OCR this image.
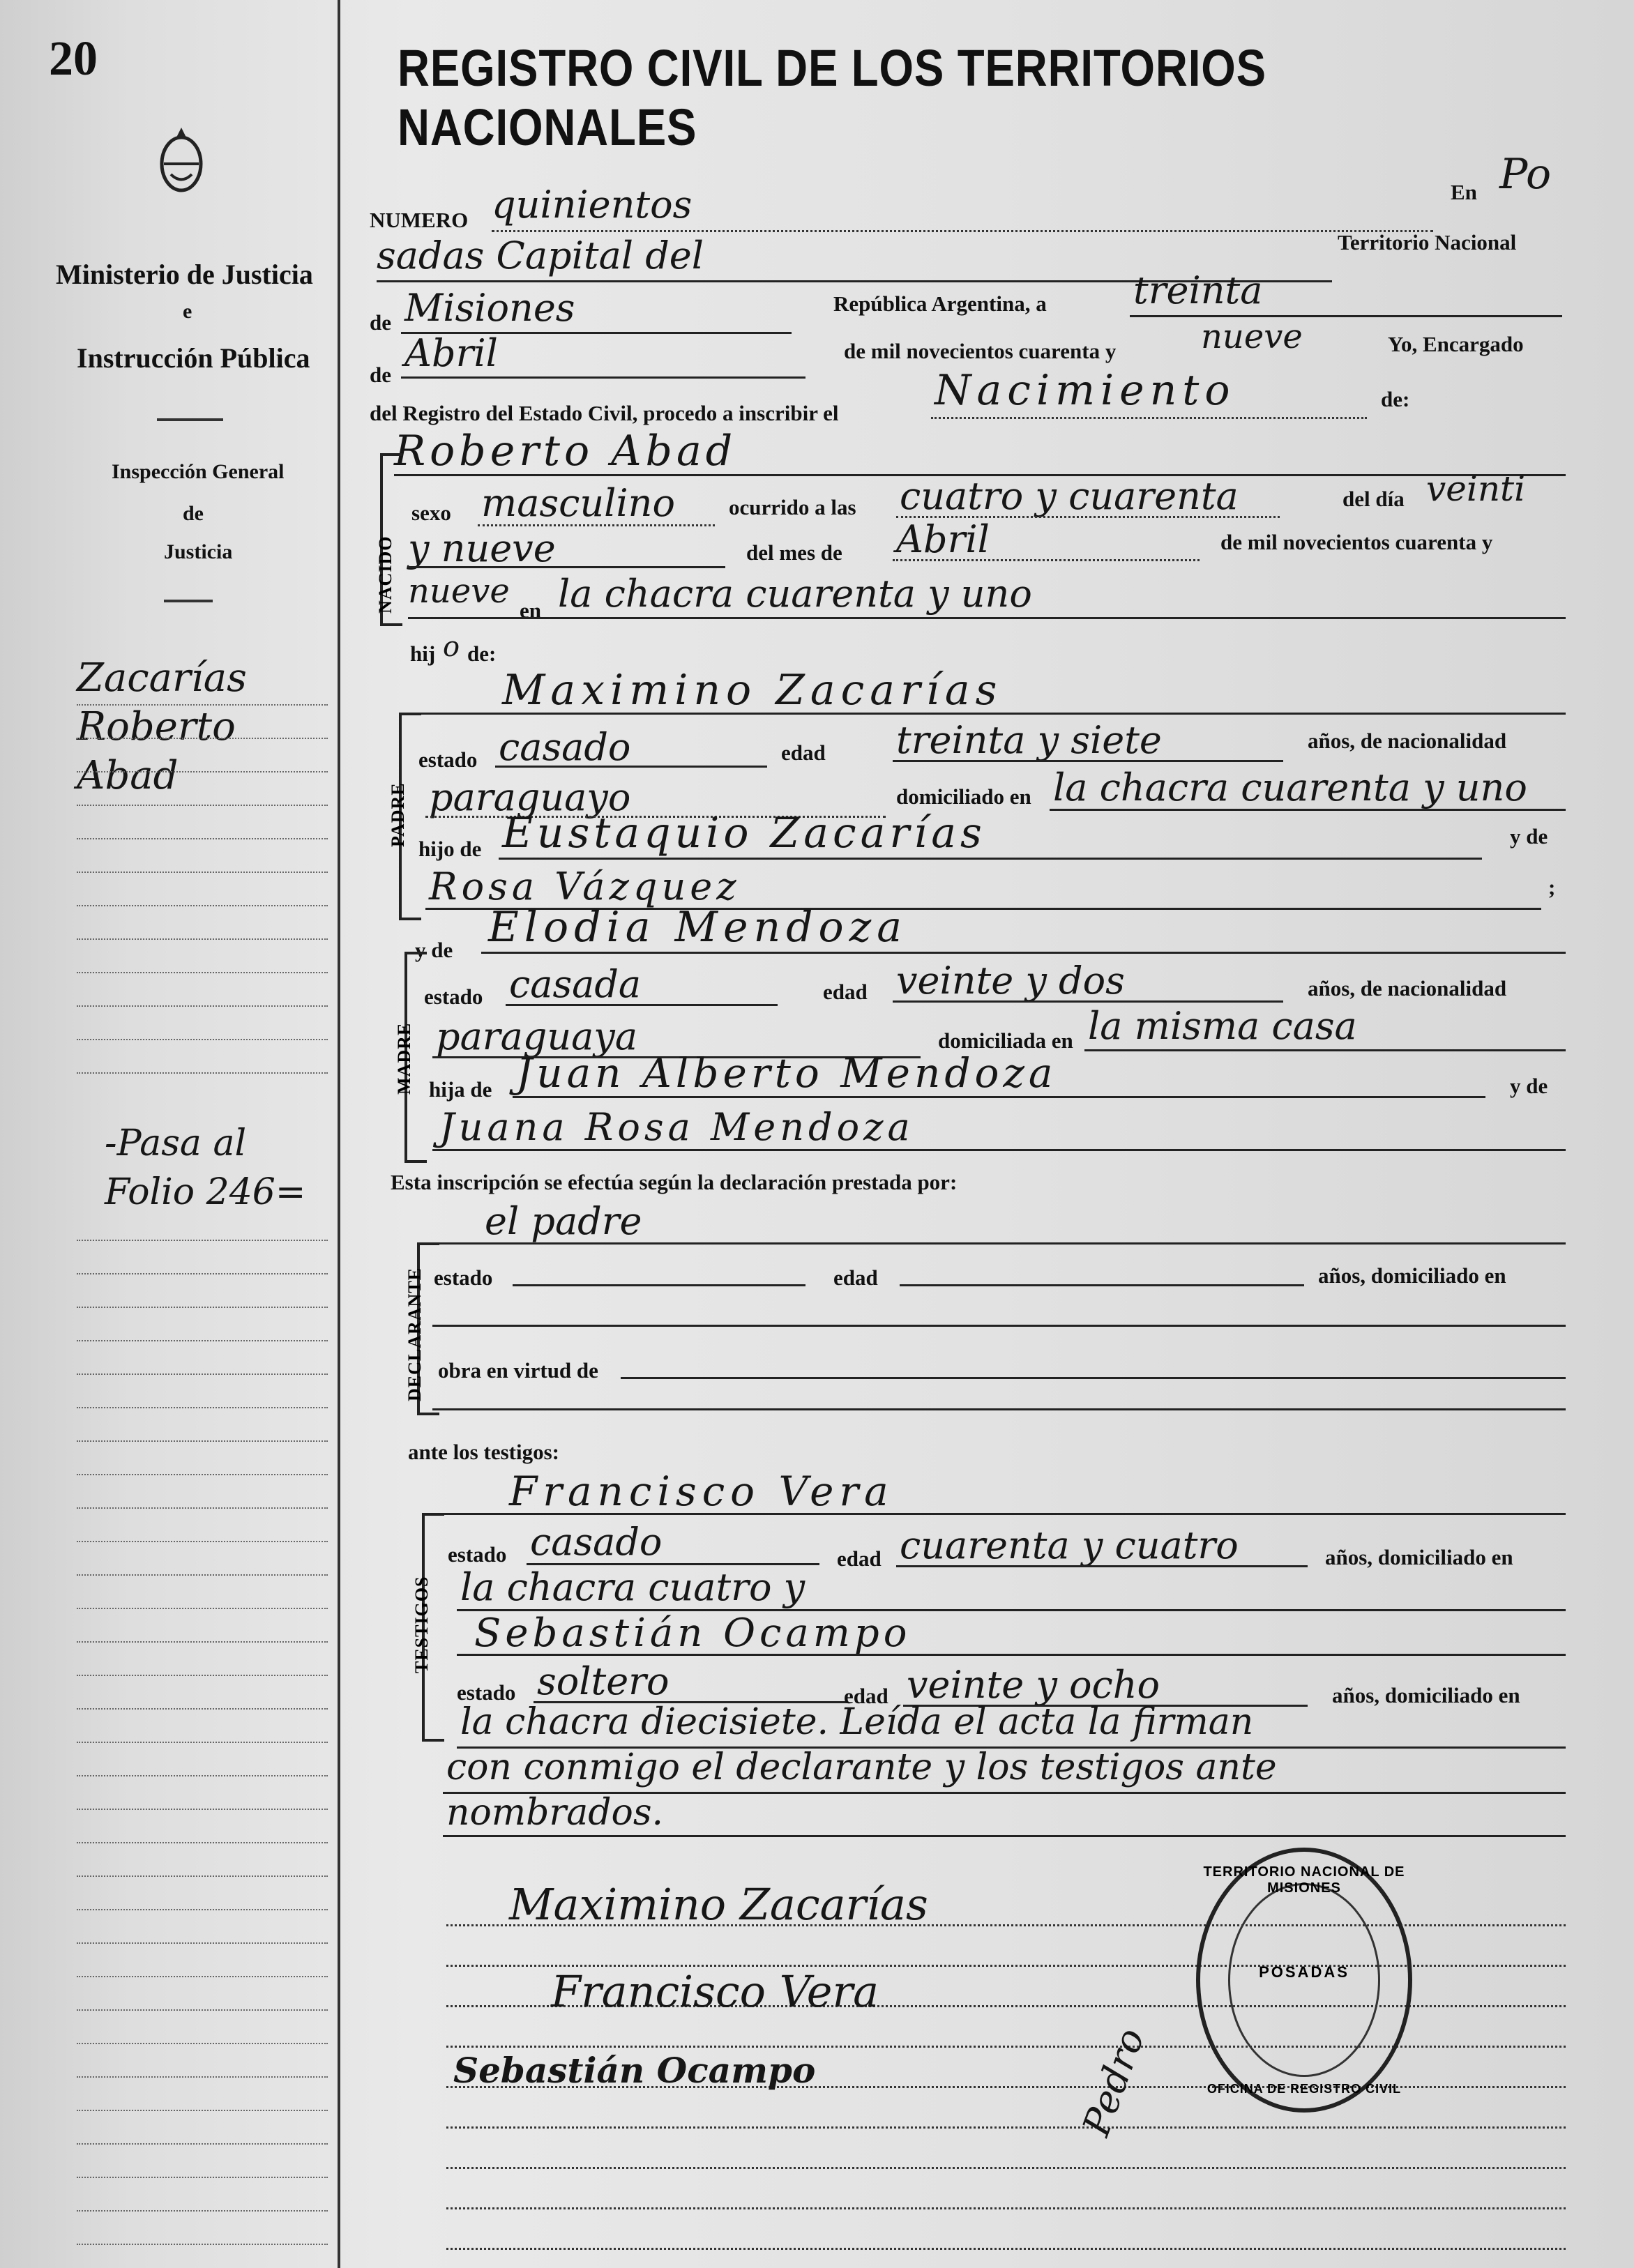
20
Ministerio de Justicia
e
Instrucción Pública
Inspección General
de
Justicia
Zacarías
Roberto
Abad
-Pasa al
Folio 246=
REGISTRO CIVIL DE LOS TERRITORIOS NACIONALES
NUMERO quinientos	En Po
sadas Capital del	Territorio Nacional
de Misiones	República Argentina, a treinta
de Abril	de mil novecientos cuarenta y	nueve	Yo, Encargado
del Registro del Estado Civil, procedo a inscribir el Nacimiento	de:
Roberto Abad
NACIDO
sexo masculino ocurrido a las cuatro y cuarenta	del día veinti
y nueve	del mes de Abril	de mil novecientos cuarenta y
nueve en la chacra cuarenta y uno
hij o de:
Maximino Zacarías
PADRE
estado casado	edad treinta y siete	años, de nacionalidad
paraguayo	domiciliado en la chacra cuarenta y uno
hijo de Eustaquio Zacarías	y de
Rosa Vázquez	;
y de Elodia Mendoza
MADRE
estado casada	edad veinte y dos	años, de nacionalidad
paraguaya	domiciliada en la misma casa
hija de Juan Alberto Mendoza	y de
Juana Rosa Mendoza
Esta inscripción se efectúa según la declaración prestada por:
el padre
DECLARANTE estado	edad	años, domiciliado en
obra en virtud de
ante los testigos:
Francisco Vera
TESTIGOS
estado casado	edad cuarenta y cuatro	años, domiciliado en
la chacra cuatro y
Sebastián Ocampo
estado soltero	edad veinte y ocho	años, domiciliado en
la chacra diecisiete. Leída el acta la firman
con conmigo el declarante y los testigos ante
nombrados.
Maximino Zacarías
Francisco Vera
Sebastián Ocampo	Pedro
TERRITORIO NACIONAL DE MISIONES
POSADAS
OFICINA DE REGISTRO CIVIL
